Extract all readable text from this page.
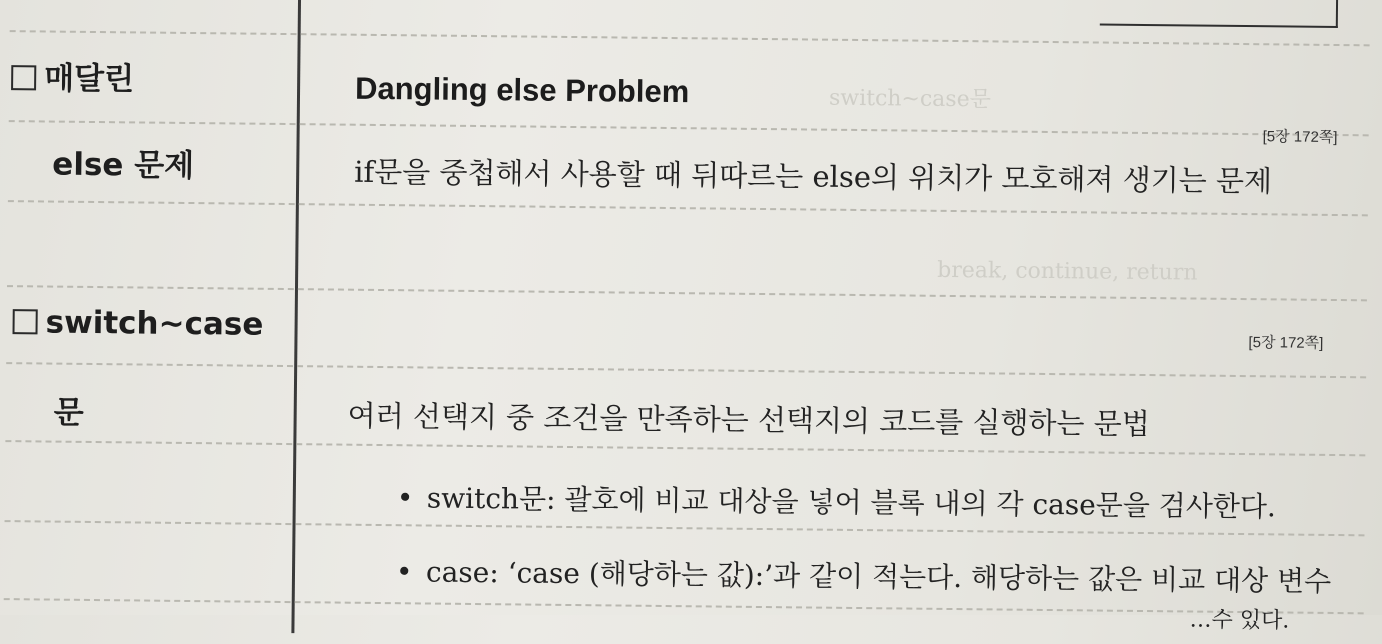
switch~case문
break, continue, return
매달린
else 문제
Dangling else Problem
[5장 172쪽]
if문을 중첩해서 사용할 때 뒤따르는 else의 위치가 모호해져 생기는 문제
switch~case
문
[5장 172쪽]
여러 선택지 중 조건을 만족하는 선택지의 코드를 실행하는 문법
• switch문: 괄호에 비교 대상을 넣어 블록 내의 각 case문을 검사한다.
• case: ‘case (해당하는 값):’과 같이 적는다. 해당하는 값은 비교 대상 변수
…수 있다.
